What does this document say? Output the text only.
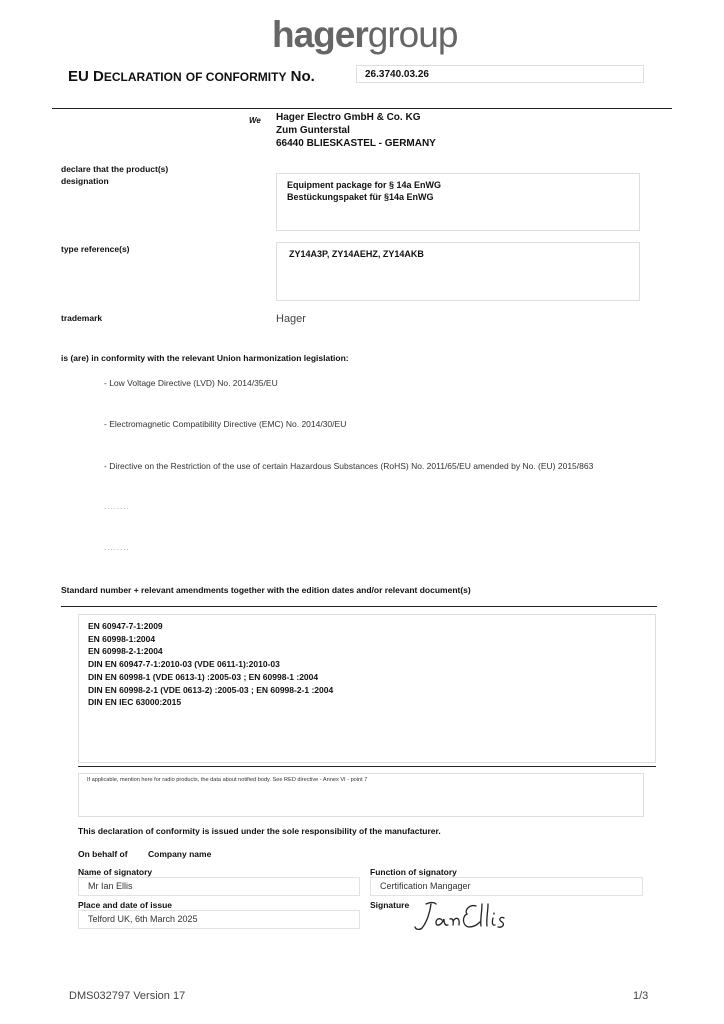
hagergroup
EU DECLARATION OF CONFORMITY No.	26.3740.03.26
We Hager Electro GmbH & Co. KG
Zum Gunterstal
66440 BLIESKASTEL - GERMANY
declare that the product(s)
designation	Equipment package for § 14a EnWG
Bestückungspaket für §14a EnWG
type reference(s)	ZY14A3P, ZY14AEHZ, ZY14AKB
trademark	Hager
is (are) in conformity with the relevant Union harmonization legislation:
- Low Voltage Directive (LVD) No. 2014/35/EU
- Electromagnetic Compatibility Directive (EMC) No. 2014/30/EU
- Directive on the Restriction of the use of certain Hazardous Substances (RoHS) No. 2011/65/EU amended by No. (EU) 2015/863
........
........
Standard number + relevant amendments together with the edition dates and/or relevant document(s)
EN 60947-7-1:2009
EN 60998-1:2004
EN 60998-2-1:2004
DIN EN 60947-7-1:2010-03 (VDE 0611-1):2010-03
DIN EN 60998-1 (VDE 0613-1) :2005-03 ; EN 60998-1 :2004
DIN EN 60998-2-1 (VDE 0613-2) :2005-03 ; EN 60998-2-1 :2004
DIN EN IEC 63000:2015
If applicable, mention here for radio products, the data about notified body. See RED directive - Annex VI - point 7
This declaration of conformity is issued under the sole responsibility of the manufacturer.
On behalf of Company name
Name of signatory
Mr Ian Ellis
Function of signatory
Certification Mangager
Place and date of issue
Telford UK, 6th March 2025
Signature
DMS032797 Version 17	1/3
